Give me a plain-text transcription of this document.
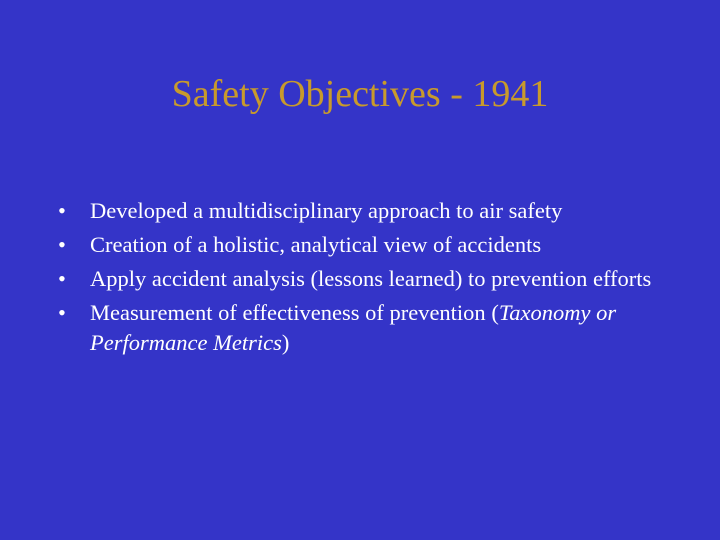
Safety Objectives - 1941
• Developed a multidisciplinary approach to air safety
• Creation of a holistic, analytical view of accidents
• Apply accident analysis (lessons learned) to prevention efforts
• Measurement of effectiveness of prevention (Taxonomy or Performance Metrics)
